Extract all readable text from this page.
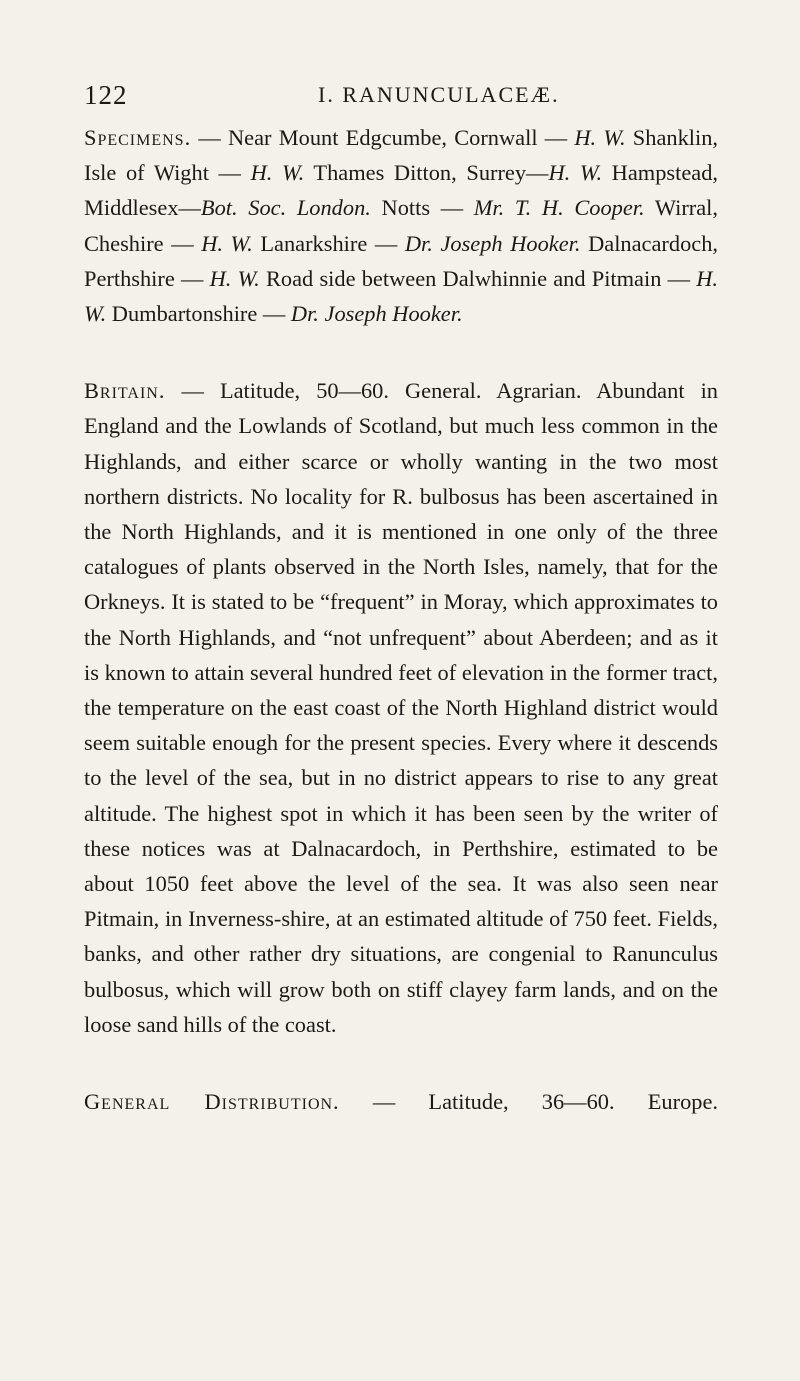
122	I. RANUNCULACEÆ.

Specimens. — Near Mount Edgcumbe, Cornwall — H. W. Shanklin, Isle of Wight — H. W. Thames Ditton, Surrey—H. W. Hampstead, Middlesex—Bot. Soc. London. Notts — Mr. T. H. Cooper. Wirral, Cheshire — H. W. Lanarkshire — Dr. Joseph Hooker. Dalnacardoch, Perthshire — H. W. Road side between Dalwhinnie and Pitmain — H. W. Dumbartonshire — Dr. Joseph Hooker.

Britain. — Latitude, 50—60. General. Agrarian. Abundant in England and the Lowlands of Scotland, but much less common in the Highlands, and either scarce or wholly wanting in the two most northern districts. No locality for R. bulbosus has been ascertained in the North Highlands, and it is mentioned in one only of the three catalogues of plants observed in the North Isles, namely, that for the Orkneys. It is stated to be “frequent” in Moray, which approximates to the North Highlands, and “not unfrequent” about Aberdeen; and as it is known to attain several hundred feet of elevation in the former tract, the temperature on the east coast of the North Highland district would seem suitable enough for the present species. Every where it descends to the level of the sea, but in no district appears to rise to any great altitude. The highest spot in which it has been seen by the writer of these notices was at Dalnacardoch, in Perthshire, estimated to be about 1050 feet above the level of the sea. It was also seen near Pitmain, in Inverness-shire, at an estimated altitude of 750 feet. Fields, banks, and other rather dry situations, are congenial to Ranunculus bulbosus, which will grow both on stiff clayey farm lands, and on the loose sand hills of the coast.

General Distribution. — Latitude, 36—60. Europe.
